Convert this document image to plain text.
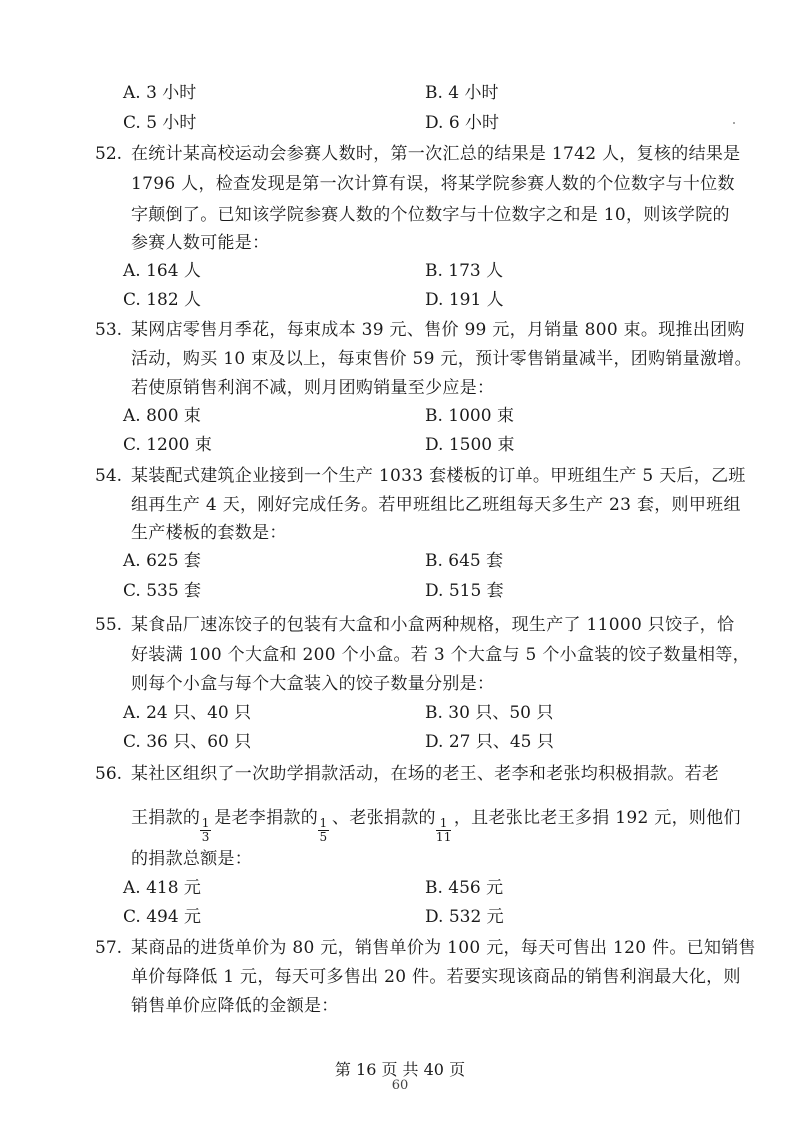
A. 3 小时	B. 4 小时
C. 5 小时	D. 6 小时
52. 在统计某高校运动会参赛人数时，第一次汇总的结果是 1742 人，复核的结果是
1796 人，检查发现是第一次计算有误，将某学院参赛人数的个位数字与十位数
字颠倒了。已知该学院参赛人数的个位数字与十位数字之和是 10，则该学院的
参赛人数可能是：
A. 164 人	B. 173 人
C. 182 人	D. 191 人
53. 某网店零售月季花，每束成本 39 元、售价 99 元，月销量 800 束。现推出团购
活动，购买 10 束及以上，每束售价 59 元，预计零售销量减半，团购销量激增。
若使原销售利润不减，则月团购销量至少应是：
A. 800 束	B. 1000 束
C. 1200 束	D. 1500 束
54. 某装配式建筑企业接到一个生产 1033 套楼板的订单。甲班组生产 5 天后，乙班
组再生产 4 天，刚好完成任务。若甲班组比乙班组每天多生产 23 套，则甲班组
生产楼板的套数是：
A. 625 套	B. 645 套
C. 535 套	D. 515 套
55. 某食品厂速冻饺子的包装有大盒和小盒两种规格，现生产了 11000 只饺子，恰
好装满 100 个大盒和 200 个小盒。若 3 个大盒与 5 个小盒装的饺子数量相等，
则每个小盒与每个大盒装入的饺子数量分别是：
A. 24 只、40 只	B. 30 只、50 只
C. 36 只、60 只	D. 27 只、45 只
56. 某社区组织了一次助学捐款活动，在场的老王、老李和老张均积极捐款。若老
王捐款的 1
3
是老李捐款的 1
5
、老张捐款的 1
11
，且老张比老王多捐 192 元，则他们
的捐款总额是：
A. 418 元	B. 456 元
C. 494 元	D. 532 元
57. 某商品的进货单价为 80 元，销售单价为 100 元，每天可售出 120 件。已知销售
单价每降低 1 元，每天可多售出 20 件。若要实现该商品的销售利润最大化，则
销售单价应降低的金额是：
第 16 页 共 40 页
60
